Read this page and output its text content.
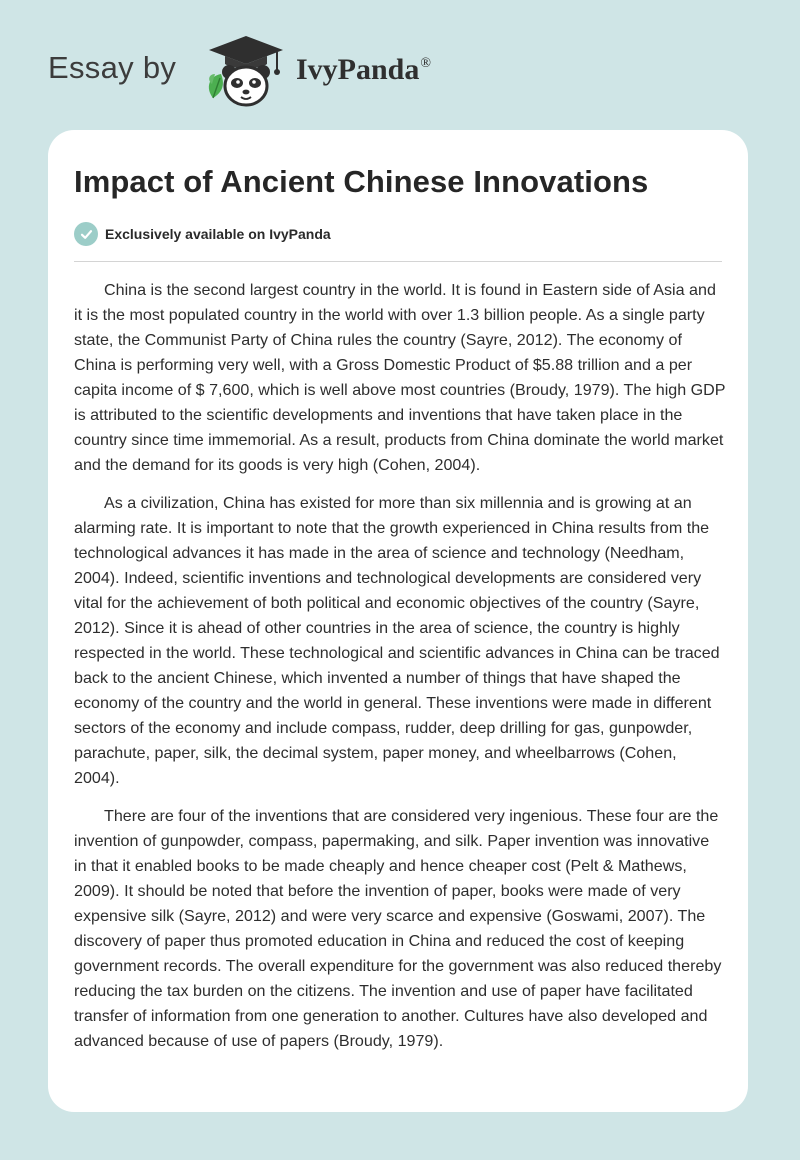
Essay by	IvyPanda®
Impact of Ancient Chinese Innovations
Exclusively available on IvyPanda

China is the second largest country in the world. It is found in Eastern side of Asia and it is the most populated country in the world with over 1.3 billion people. As a single party state, the Communist Party of China rules the country (Sayre, 2012). The economy of China is performing very well, with a Gross Domestic Product of $5.88 trillion and a per capita income of $ 7,600, which is well above most countries (Broudy, 1979). The high GDP is attributed to the scientific developments and inventions that have taken place in the country since time immemorial. As a result, products from China dominate the world market and the demand for its goods is very high (Cohen, 2004).

As a civilization, China has existed for more than six millennia and is growing at an alarming rate. It is important to note that the growth experienced in China results from the technological advances it has made in the area of science and technology (Needham, 2004). Indeed, scientific inventions and technological developments are considered very vital for the achievement of both political and economic objectives of the country (Sayre, 2012). Since it is ahead of other countries in the area of science, the country is highly respected in the world. These technological and scientific advances in China can be traced back to the ancient Chinese, which invented a number of things that have shaped the economy of the country and the world in general. These inventions were made in different sectors of the economy and include compass, rudder, deep drilling for gas, gunpowder, parachute, paper, silk, the decimal system, paper money, and wheelbarrows (Cohen, 2004).

There are four of the inventions that are considered very ingenious. These four are the invention of gunpowder, compass, papermaking, and silk. Paper invention was innovative in that it enabled books to be made cheaply and hence cheaper cost (Pelt & Mathews, 2009). It should be noted that before the invention of paper, books were made of very expensive silk (Sayre, 2012) and were very scarce and expensive (Goswami, 2007). The discovery of paper thus promoted education in China and reduced the cost of keeping government records. The overall expenditure for the government was also reduced thereby reducing the tax burden on the citizens. The invention and use of paper have facilitated transfer of information from one generation to another. Cultures have also developed and advanced because of use of papers (Broudy, 1979).
